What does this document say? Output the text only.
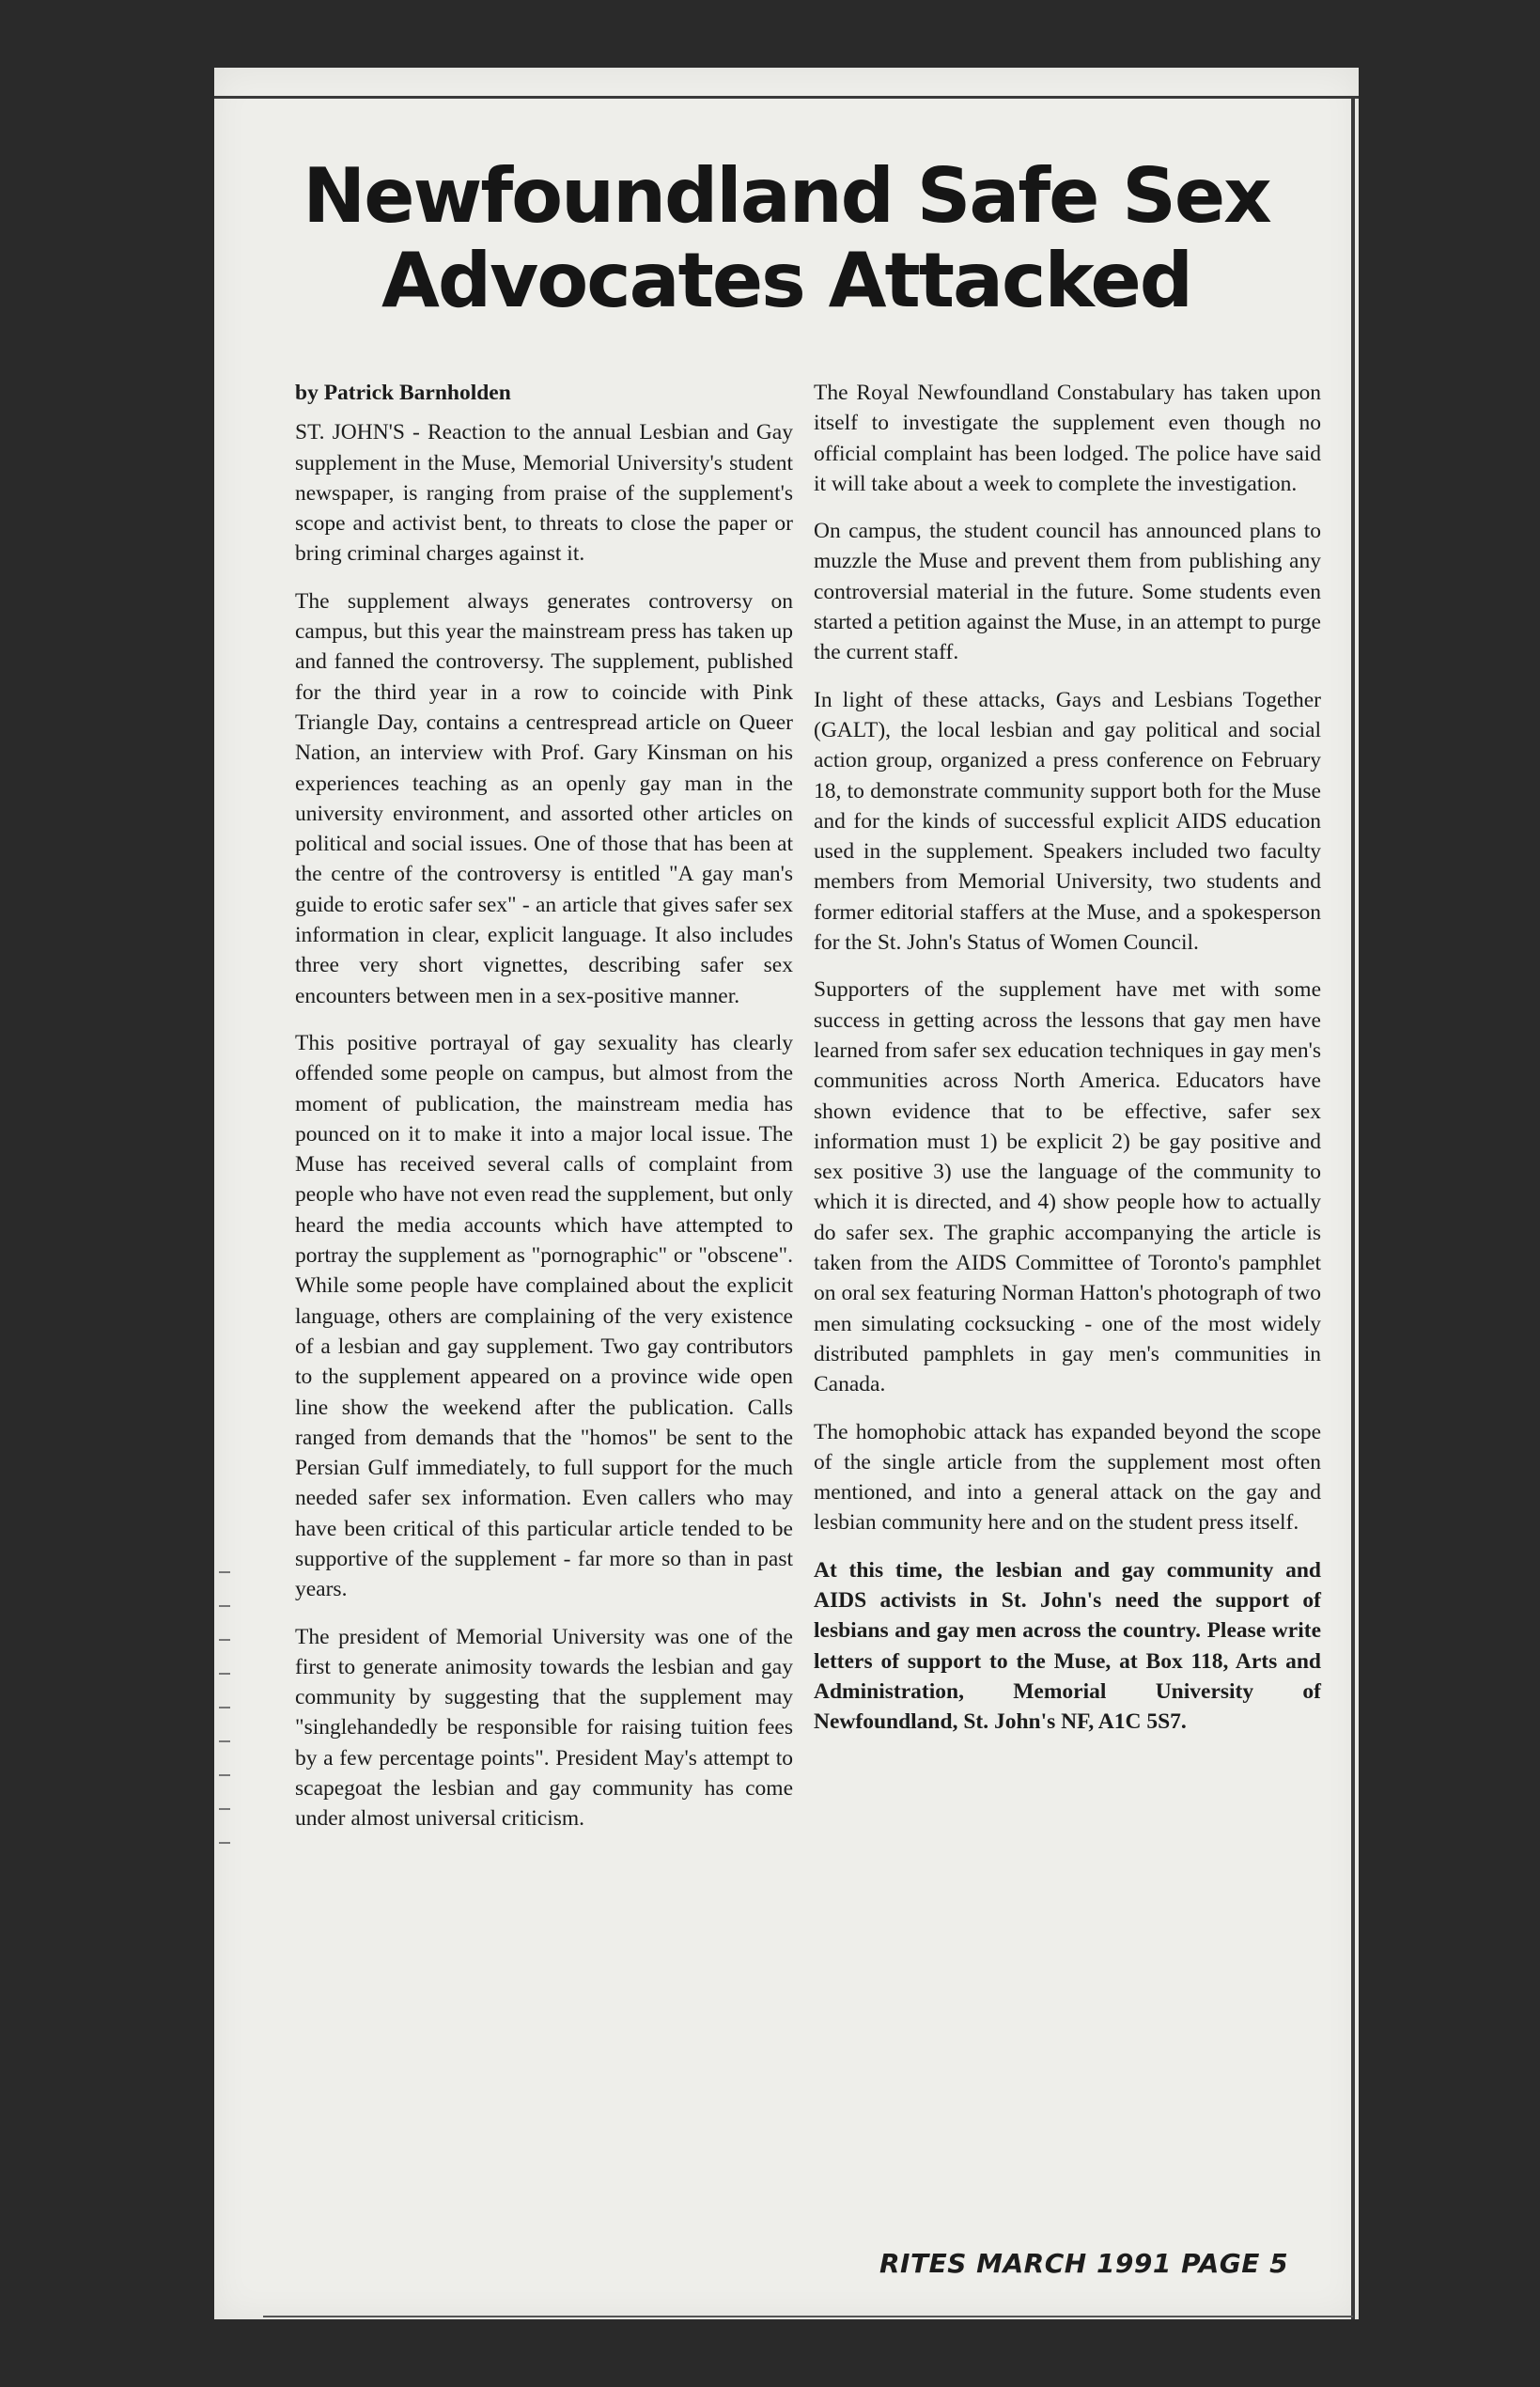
Newfoundland Safe Sex
Advocates Attacked

by Patrick Barnholden

ST. JOHN'S - Reaction to the annual Lesbian and Gay supplement in the Muse, Memorial University's student newspaper, is ranging from praise of the supplement's scope and activist bent, to threats to close the paper or bring criminal charges against it.

The supplement always generates controversy on campus, but this year the mainstream press has taken up and fanned the controversy. The supplement, published for the third year in a row to coincide with Pink Triangle Day, contains a centrespread article on Queer Nation, an interview with Prof. Gary Kinsman on his experiences teaching as an openly gay man in the university environment, and assorted other articles on political and social issues. One of those that has been at the centre of the controversy is entitled "A gay man's guide to erotic safer sex" - an article that gives safer sex information in clear, explicit language. It also includes three very short vignettes, describing safer sex encounters between men in a sex-positive manner.

This positive portrayal of gay sexuality has clearly offended some people on campus, but almost from the moment of publication, the mainstream media has pounced on it to make it into a major local issue. The Muse has received several calls of complaint from people who have not even read the supplement, but only heard the media accounts which have attempted to portray the supplement as "pornographic" or "obscene". While some people have complained about the explicit language, others are complaining of the very existence of a lesbian and gay supplement. Two gay contributors to the supplement appeared on a province wide open line show the weekend after the publication. Calls ranged from demands that the "homos" be sent to the Persian Gulf immediately, to full support for the much needed safer sex information. Even callers who may have been critical of this particular article tended to be supportive of the supplement - far more so than in past years.

The president of Memorial University was one of the first to generate animosity towards the lesbian and gay community by suggesting that the supplement may "singlehandedly be responsible for raising tuition fees by a few percentage points". President May's attempt to scapegoat the lesbian and gay community has come under almost universal criticism.

The Royal Newfoundland Constabulary has taken upon itself to investigate the supplement even though no official complaint has been lodged. The police have said it will take about a week to complete the investigation.

On campus, the student council has announced plans to muzzle the Muse and prevent them from publishing any controversial material in the future. Some students even started a petition against the Muse, in an attempt to purge the current staff.

In light of these attacks, Gays and Lesbians Together (GALT), the local lesbian and gay political and social action group, organized a press conference on February 18, to demonstrate community support both for the Muse and for the kinds of successful explicit AIDS education used in the supplement. Speakers included two faculty members from Memorial University, two students and former editorial staffers at the Muse, and a spokesperson for the St. John's Status of Women Council.

Supporters of the supplement have met with some success in getting across the lessons that gay men have learned from safer sex education techniques in gay men's communities across North America. Educators have shown evidence that to be effective, safer sex information must 1) be explicit 2) be gay positive and sex positive 3) use the language of the community to which it is directed, and 4) show people how to actually do safer sex. The graphic accompanying the article is taken from the AIDS Committee of Toronto's pamphlet on oral sex featuring Norman Hatton's photograph of two men simulating cocksucking - one of the most widely distributed pamphlets in gay men's communities in Canada.

The homophobic attack has expanded beyond the scope of the single article from the supplement most often mentioned, and into a general attack on the gay and lesbian community here and on the student press itself.

At this time, the lesbian and gay community and AIDS activists in St. John's need the support of lesbians and gay men across the country. Please write letters of support to the Muse, at Box 118, Arts and Administration, Memorial University of Newfoundland, St. John's NF, A1C 5S7.

RITES MARCH 1991 PAGE 5
